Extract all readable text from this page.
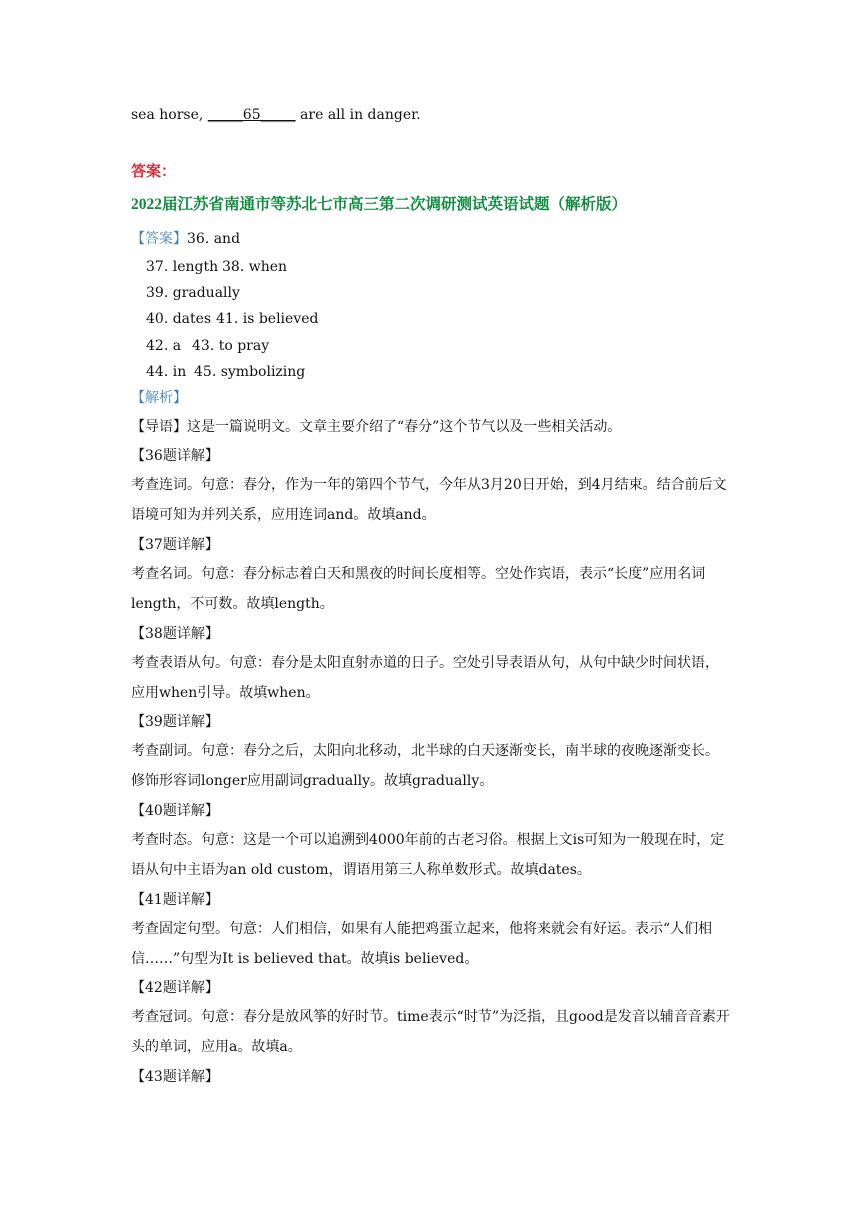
sea horse, _____65_____ are all in danger.
答案：
2022届江苏省南通市等苏北七市高三第二次调研测试英语试题（解析版）
【答案】36. and
37. length 38. when
39. gradually
40. dates 41. is believed
42. a 43. to pray
44. in 45. symbolizing
【解析】
【导语】这是一篇说明文。文章主要介绍了“春分”这个节气以及一些相关活动。
【36题详解】
考查连词。句意：春分，作为一年的第四个节气，今年从3月20日开始，到4月结束。结合前后文语境可知为并列关系，应用连词and。故填and。
【37题详解】
考查名词。句意：春分标志着白天和黑夜的时间长度相等。空处作宾语，表示“长度”应用名词length，不可数。故填length。
【38题详解】
考查表语从句。句意：春分是太阳直射赤道的日子。空处引导表语从句，从句中缺少时间状语，应用when引导。故填when。
【39题详解】
考查副词。句意：春分之后，太阳向北移动，北半球的白天逐渐变长，南半球的夜晚逐渐变长。修饰形容词longer应用副词gradually。故填gradually。
【40题详解】
考查时态。句意：这是一个可以追溯到4000年前的古老习俗。根据上文is可知为一般现在时，定语从句中主语为an old custom，谓语用第三人称单数形式。故填dates。
【41题详解】
考查固定句型。句意：人们相信，如果有人能把鸡蛋立起来，他将来就会有好运。表示“人们相信……”句型为It is believed that。故填is believed。
【42题详解】
考查冠词。句意：春分是放风筝的好时节。time表示“时节”为泛指，且good是发音以辅音音素开头的单词，应用a。故填a。
【43题详解】
